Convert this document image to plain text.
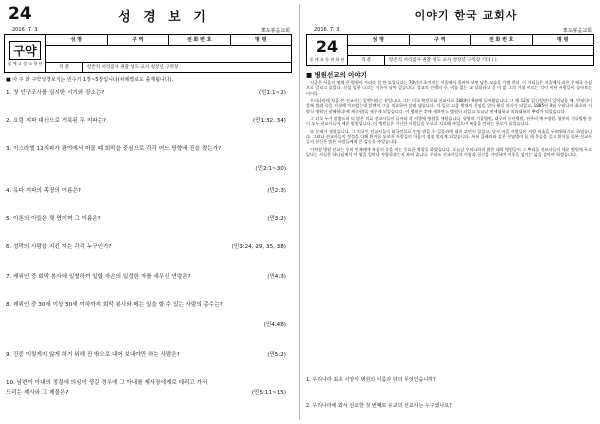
24	성 경 보 기
2016. 7. 3	뽀도봉음교회
구약
종 예 고 정 소 학 년
성 명	구 역	전 화 번 호	명 령
직 분	항존직 서리집사 권찰 성도 교사 청장년 구역장
■ 아 주 과 구약성경보기는 빈수기 1장~5장입니다(차례별로도 출제됩니다).
1. 첫 인구조사를 실시한 시기와 장소는?	(민1:1~2)
2. 요령 지파 대신으로 거룩된 두 지파는?	(민1:32, 34)
3. 이스라엘 12지파가 광야에서 머물 때 회막을 중심으로 각각 어느 방향에 진을 쳤는가?
(민2:1~30)
4. 유다 지파의 족장의 이름은?	(민2:3)
5. 아론의 아들은 몇 명이며 그 이름은?	(민3:2)
6. 성막의 사람을 지킨 자는 각각 누구인가?	(민3:24, 29, 35, 38)
7. 레위인 중 회막 봉사에 일철하여 일할 자손의 일정한 자를 세우신 연령은?	(민4:3)
8. 레위인 중 30세 이상 50세 이하까지 회막 봉사와 메는 일을 할 수 있는 사람의 총수는?
(민4:48)
9. 진중 이렇게지 않게 하기 위해 진 밖으로 내어 보내야만 하는 사람은?	(민5:2)
10. 남편이 아내의 정결에 의심이 생길 경우에 그 아내를 제사장에게로 데리고 가서
드리는 제사와 그 제물은?	(민5:11~15)
이야기 한국 교회사
2016. 7. 3	뽀도봉음교회
24
종 예 초 등 관 학 년
성 명	구 역	전 화 번 호	명 령
직 분	항존직 서리집사 권찰 성도 교사 청장년 구역장 기타 ( )
■ 병원선교의 이야기

지금은 서울의 명례 큰 병원이 가리라 할 만 보입니다는 70년의 초까지는 서울에서 훌바이 보면 남은 모습을 가볍 한다. 이 거리들은 서울에서 작은 우체국 중심으로 알리고 있었다. 신설 일한 나고는 기록이 남아 있습니다. 불교의 간행의 수, 이를 없는 교 상화하고 갈 이 없 그의 거점 이르는 것이 비단 사람들이 돌아보는 이이다.

우리나라에 처음 온 선교사는 알렌이라는 분입니다. 그는 미국 북장로회 선교사로 1884년 9월에 들어왔습니다. 그 해 12월 갑신정변이 일어났을 때, 민영익이 칼에 찔려 죽을 지경에 이르렀는데 알렌이 그를 치료하여 살려 냈습니다. 이 일로 고종 황제의 신임을 얻어 왕실 의사가 되었고, 1885년 4월 우리나라 최초의 서양식 병원인 광혜원(후에 제중원)을 세우게 되었습니다. 이 병원은 후에 세브란스 병원이 되었고 오늘날 연세대학교 의과대학의 뿌리가 되었습니다.

그 뒤로 누가 말씀드리 더 많은 의료 선교사들이 들어와 각 지방에 병원을 세웠습니다. 평양의 기홀병원, 대구의 동산병원, 전주의 예수병원, 광주의 기독병원 등이 모두 선교사들이 세운 병원입니다. 이 병원들은 가난한 사람들을 무료로 치료해 주었으며 복음을 전하는 통로가 되었습니다.

또 문제가 생겼습니다. 그 의료인 선교사들이 외국인으로 인정 받을 수 있을까에 대한 고민이 있었고, 당시 마을 사람들은 서양 의술을 두려워하기도 하였습니다. 그러나 선교사들이 정성을 다해 환자를 돌보자 사람들의 마음이 점점 열리게 되었습니다. 특히 콜레라와 같은 전염병이 돌 때 목숨을 걸고 환자를 돌본 선교사들의 헌신은 많은 사람들에게 큰 감동을 주었습니다.

이처럼 병원 선교는 우리 민족에게 복음의 문을 여는 중요한 역할을 하였습니다. 오늘날 우리나라의 많은 대학 병원들이 그 뿌리를 선교사들이 세운 병원에 두고 있다는 사실은 하나님께서 이 땅을 얼마나 사랑하셨는지 보여 줍니다. 우리도 선교사들의 사랑과 헌신을 기억하며 이웃을 섬기는 삶을 살아야 하겠습니다.

1. 우리나라 최초 서양식 병원의 이름과 뒤의 무엇인습니까?
2. 우리나라에 와서 선교한 첫 번째로 유교의 선교사는 누구였나요?
